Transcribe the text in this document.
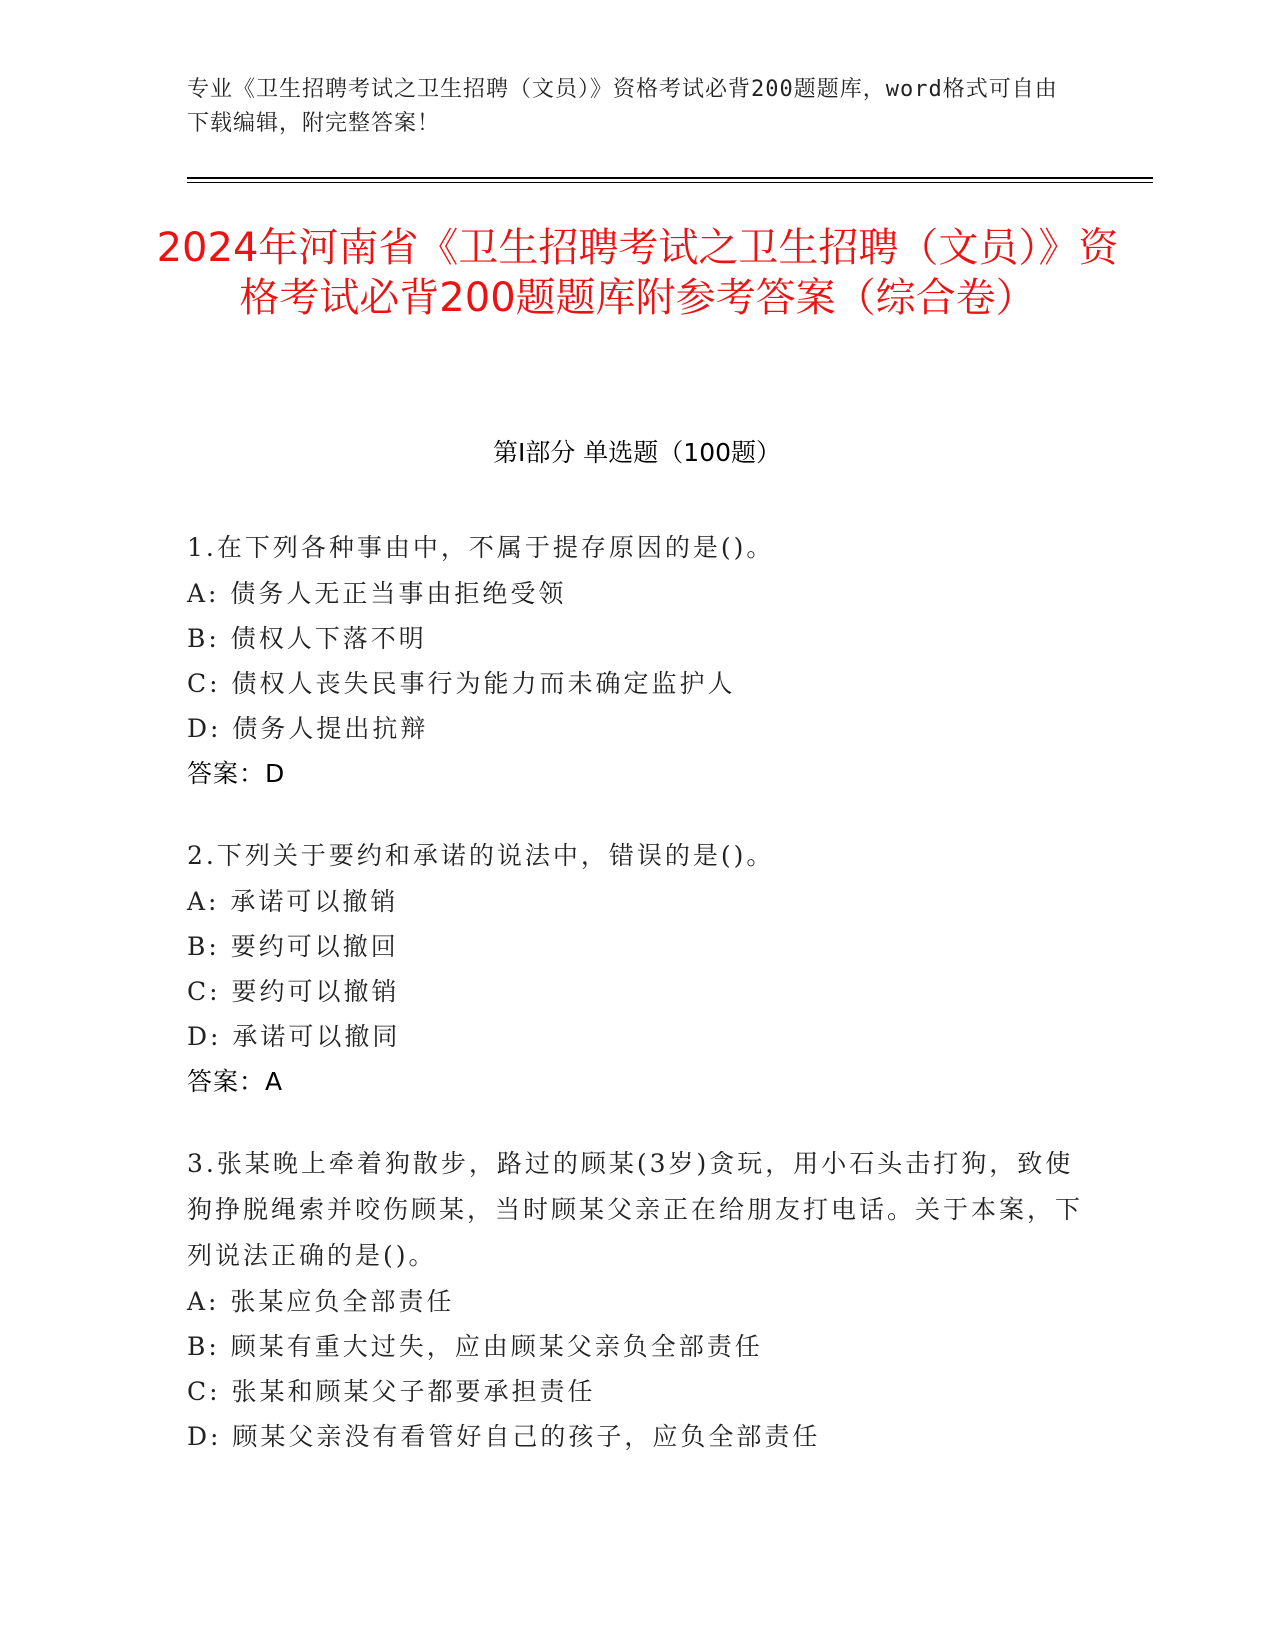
专业《卫生招聘考试之卫生招聘（文员）》资格考试必背200题题库，word格式可自由下载编辑，附完整答案！
2024年河南省《卫生招聘考试之卫生招聘（文员）》资格考试必背200题题库附参考答案（综合卷）
第Ⅰ部分 单选题（100题）

1.在下列各种事由中，不属于提存原因的是()。

A: 债务人无正当事由拒绝受领

B: 债权人下落不明

C: 债权人丧失民事行为能力而未确定监护人

D: 债务人提出抗辩

答案：D

2.下列关于要约和承诺的说法中，错误的是()。

A: 承诺可以撤销

B: 要约可以撤回

C: 要约可以撤销

D: 承诺可以撤同

答案：A

3.张某晚上牵着狗散步，路过的顾某(3岁)贪玩，用小石头击打狗，致使狗挣脱绳索并咬伤顾某，当时顾某父亲正在给朋友打电话。关于本案，下列说法正确的是()。

A: 张某应负全部责任

B: 顾某有重大过失，应由顾某父亲负全部责任

C: 张某和顾某父子都要承担责任

D: 顾某父亲没有看管好自己的孩子，应负全部责任
